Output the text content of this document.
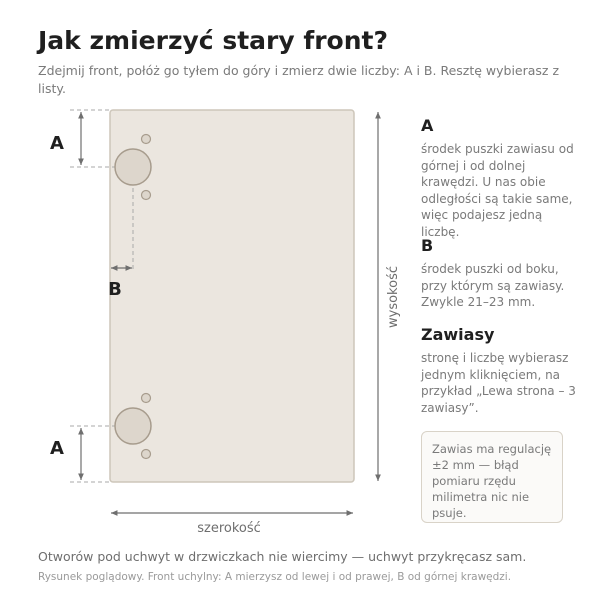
Jak zmierzyć stary front?
Zdejmij front, połóż go tyłem do góry i zmierz dwie liczby: A i B. Resztę wybierasz z listy.
A
A
B	wysokość
szerokość
A
środek puszki zawiasu od górnej i od dolnej krawędzi. U nas obie odległości są takie same, więc podajesz jedną liczbę.
B
środek puszki od boku, przy którym są zawiasy. Zwykle 21–23 mm.
Zawiasy
stronę i liczbę wybierasz jednym kliknięciem, na przykład „Lewa strona – 3 zawiasy”.
Zawias ma regulację ±2 mm — błąd pomiaru rzędu milimetra nic nie psuje.
Otworów pod uchwyt w drzwiczkach nie wiercimy — uchwyt przykręcasz sam.
Rysunek poglądowy. Front uchylny: A mierzysz od lewej i od prawej, B od górnej krawędzi.
